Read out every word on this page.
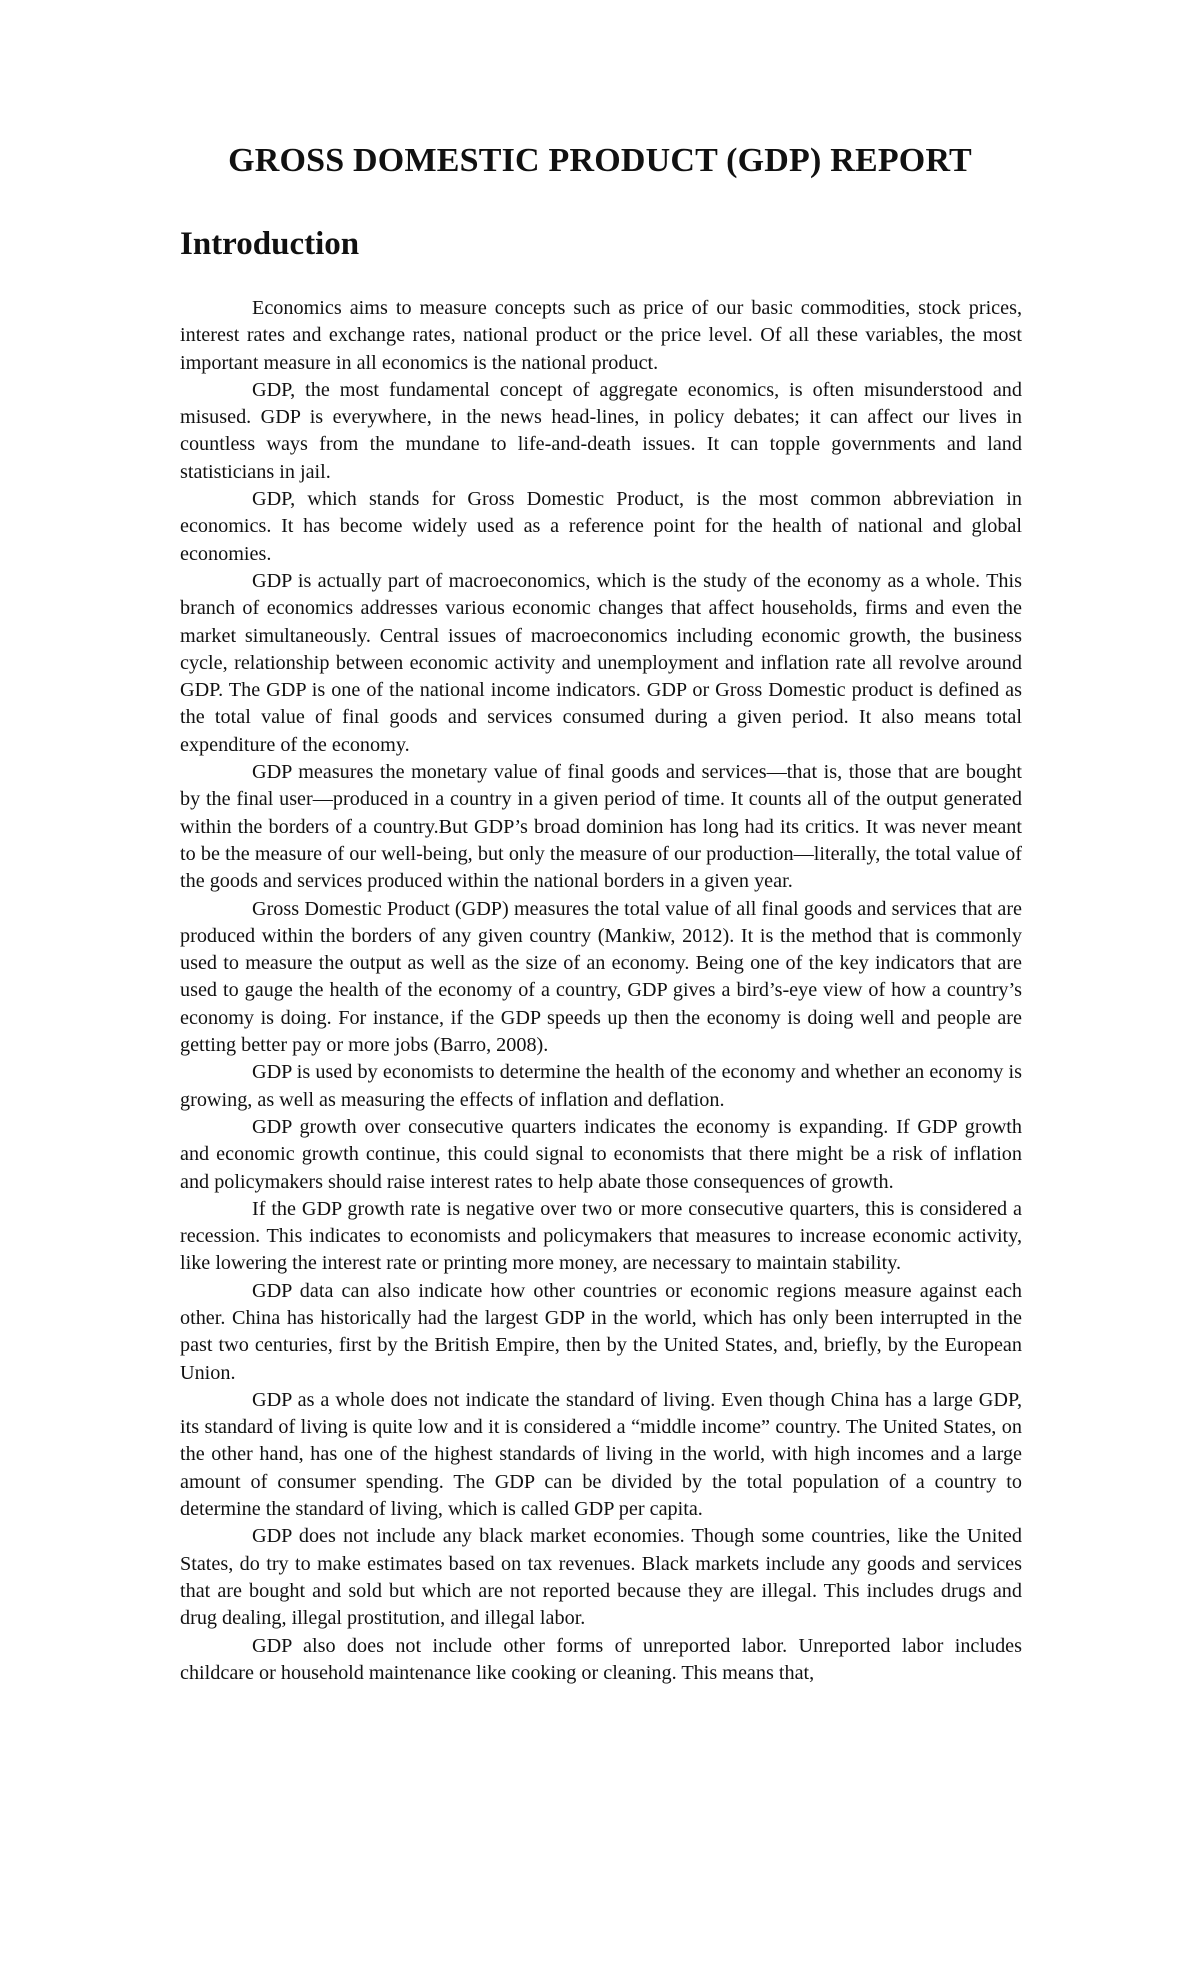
GROSS DOMESTIC PRODUCT (GDP) REPORT
Introduction

Economics aims to measure concepts such as price of our basic commodities, stock prices, interest rates and exchange rates, national product or the price level. Of all these variables, the most important measure in all economics is the national product.

GDP, the most fundamental concept of aggregate economics, is often misunderstood and misused. GDP is everywhere, in the news head-lines, in policy debates; it can affect our lives in countless ways from the mundane to life-and-death issues. It can topple governments and land statisticians in jail.

GDP, which stands for Gross Domestic Product, is the most common abbreviation in economics. It has become widely used as a reference point for the health of national and global economies.

GDP is actually part of macroeconomics, which is the study of the economy as a whole. This branch of economics addresses various economic changes that affect households, firms and even the market simultaneously. Central issues of macroeconomics including economic growth, the business cycle, relationship between economic activity and unemployment and inflation rate all revolve around GDP. The GDP is one of the national income indicators. GDP or Gross Domestic product is defined as the total value of final goods and services consumed during a given period. It also means total expenditure of the economy.

GDP measures the monetary value of final goods and services—that is, those that are bought by the final user—produced in a country in a given period of time. It counts all of the output generated within the borders of a country.But GDP’s broad dominion has long had its critics. It was never meant to be the measure of our well-being, but only the measure of our production—literally, the total value of the goods and services produced within the national borders in a given year.

Gross Domestic Product (GDP) measures the total value of all final goods and services that are produced within the borders of any given country (Mankiw, 2012). It is the method that is commonly used to measure the output as well as the size of an economy. Being one of the key indicators that are used to gauge the health of the economy of a country, GDP gives a bird’s-eye view of how a country’s economy is doing. For instance, if the GDP speeds up then the economy is doing well and people are getting better pay or more jobs (Barro, 2008).

GDP is used by economists to determine the health of the economy and whether an economy is growing, as well as measuring the effects of inflation and deflation.

GDP growth over consecutive quarters indicates the economy is expanding. If GDP growth and economic growth continue, this could signal to economists that there might be a risk of inflation and policymakers should raise interest rates to help abate those consequences of growth.

If the GDP growth rate is negative over two or more consecutive quarters, this is considered a recession. This indicates to economists and policymakers that measures to increase economic activity, like lowering the interest rate or printing more money, are necessary to maintain stability.

GDP data can also indicate how other countries or economic regions measure against each other. China has historically had the largest GDP in the world, which has only been interrupted in the past two centuries, first by the British Empire, then by the United States, and, briefly, by the European Union.

GDP as a whole does not indicate the standard of living. Even though China has a large GDP, its standard of living is quite low and it is considered a “middle income” country. The United States, on the other hand, has one of the highest standards of living in the world, with high incomes and a large amount of consumer spending. The GDP can be divided by the total population of a country to determine the standard of living, which is called GDP per capita.

GDP does not include any black market economies. Though some countries, like the United States, do try to make estimates based on tax revenues. Black markets include any goods and services that are bought and sold but which are not reported because they are illegal. This includes drugs and drug dealing, illegal prostitution, and illegal labor.

GDP also does not include other forms of unreported labor. Unreported labor includes childcare or household maintenance like cooking or cleaning. This means that,
